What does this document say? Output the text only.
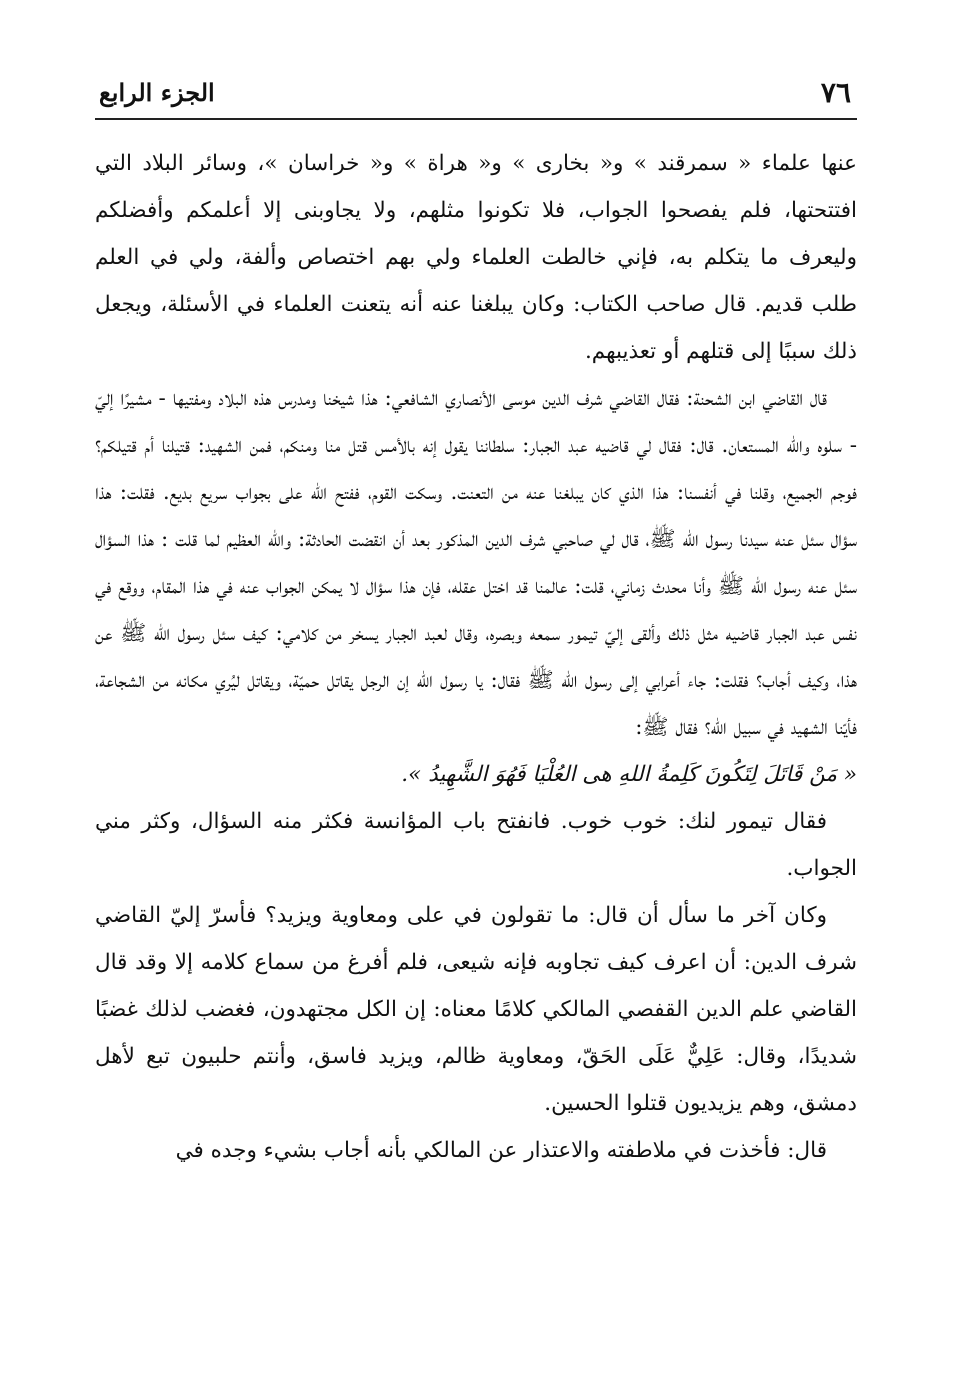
٧٦
الجزء الرابع

عنها علماء « سمرقند » و« بخارى » و« هراة » و« خراسان »، وسائر البلاد التي افتتحتها، فلم يفصحوا الجواب، فلا تكونوا مثلهم، ولا يجاوبنى إلا أعلمكم وأفضلكم وليعرف ما يتكلم به، فإني خالطت العلماء ولي بهم اختصاص وألفة، ولي في العلم طلب قديم. قال صاحب الكتاب: وكان يبلغنا عنه أنه يتعنت العلماء في الأسئلة، ويجعل ذلك سببًا إلى قتلهم أو تعذيبهم.

قال القاضي ابن الشحنة: فقال القاضي شرف الدين موسى الأنصاري الشافعي: هذا شيخنا ومدرس هذه البلاد ومفتيها - مشيرًا إليّ - سلوه والله المستعان. قال: فقال لي قاضيه عبد الجبار: سلطاننا يقول إنه بالأمس قتل منا ومنكم، فمن الشهيد: قتيلنا أم قتيلكم؟ فوجم الجميع، وقلنا في أنفسنا: هذا الذي كان يبلغنا عنه من التعنت. وسكت القوم، ففتح الله على بجواب سريع بديع. فقلت: هذا سؤال سئل عنه سيدنا رسول الله ﷺ، قال لي صاحبي شرف الدين المذكور بعد أن انقضت الحادثة: والله العظيم لما قلت : هذا السؤال سئل عنه رسول الله ﷺ وأنا محدث زماني، قلت: عالمنا قد اختل عقله، فإن هذا سؤال لا يمكن الجواب عنه في هذا المقام، ووقع في نفس عبد الجبار قاضيه مثل ذلك وألقى إليّ تيمور سمعه وبصره، وقال لعبد الجبار يسخر من كلامي: كيف سئل رسول الله ﷺ عن هذا، وكيف أجاب؟ فقلت: جاء أعرابي إلى رسول الله ﷺ فقال: يا رسول الله إن الرجل يقاتل حميّة، ويقاتل ليُري مكانه من الشجاعة، فأيّنا الشهيد في سبيل الله؟ فقال ﷺ:

« مَنْ قَاتَلَ لِتَكُونَ كَلِمةُ اللهِ هى العُلْيَا فَهُوَ الشَّهِيدُ ».

فقال تيمور لنك: خوب خوب. فانفتح باب المؤانسة فكثر منه السؤال، وكثر مني الجواب.

وكان آخر ما سأل أن قال: ما تقولون في على ومعاوية ويزيد؟ فأسرّ إليّ القاضي شرف الدين: أن اعرف كيف تجاوبه فإنه شيعى، فلم أفرغ من سماع كلامه إلا وقد قال القاضي علم الدين القفصي المالكي كلامًا معناه: إن الكل مجتهدون، فغضب لذلك غضبًا شديدًا، وقال: عَلِيٌّ عَلَى الحَقّ، ومعاوية ظالم، ويزيد فاسق، وأنتم حلبيون تبع لأهل دمشق، وهم يزيديون قتلوا الحسين.

قال: فأخذت في ملاطفته والاعتذار عن المالكي بأنه أجاب بشيء وجده في
